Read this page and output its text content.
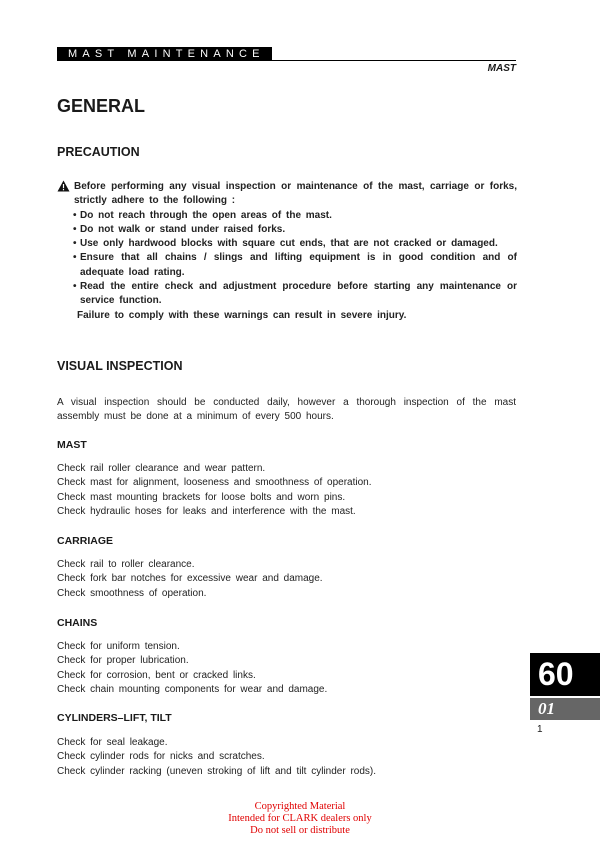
MAST MAINTENANCE
MAST
GENERAL
PRECAUTION
Before performing any visual inspection or maintenance of the mast, carriage or forks, strictly adhere to the following :
• Do not reach through the open areas of the mast.
• Do not walk or stand under raised forks.
• Use only hardwood blocks with square cut ends, that are not cracked or damaged.
• Ensure that all chains / slings and lifting equipment is in good condition and of adequate load rating.
• Read the entire check and adjustment procedure before starting any maintenance or service function.
Failure to comply with these warnings can result in severe injury.
VISUAL INSPECTION
A visual inspection should be conducted daily, however a thorough inspection of the mast assembly must be done at a minimum of every 500 hours.
MAST
Check rail roller clearance and wear pattern.
Check mast for alignment, looseness and smoothness of operation.
Check mast mounting brackets for loose bolts and worn pins.
Check hydraulic hoses for leaks and interference with the mast.
CARRIAGE
Check rail to roller clearance.
Check fork bar notches for excessive wear and damage.
Check smoothness of operation.
CHAINS
Check for uniform tension.
Check for proper lubrication.
Check for corrosion, bent or cracked links.
Check chain mounting components for wear and damage.
CYLINDERS–LIFT, TILT
Check for seal leakage.
Check cylinder rods for nicks and scratches.
Check cylinder racking (uneven stroking of lift and tilt cylinder rods).
60
01
1
Copyrighted Material
Intended for CLARK dealers only
Do not sell or distribute
